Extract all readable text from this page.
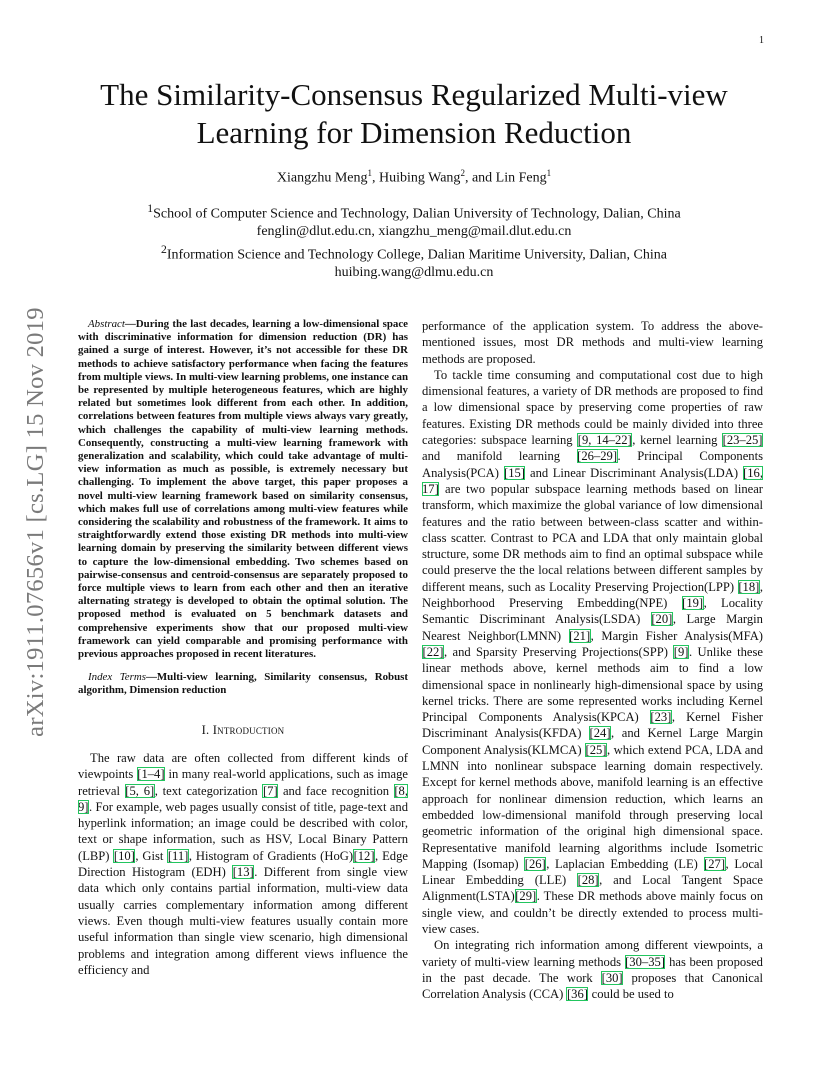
1
arXiv:1911.07656v1 [cs.LG] 15 Nov 2019
The Similarity-Consensus Regularized Multi-view
Learning for Dimension Reduction
Xiangzhu Meng$^1$, Huibing Wang$^2$, and Lin Feng$^1$
$^1$School of Computer Science and Technology, Dalian University of Technology, Dalian, China
fenglin@dlut.edu.cn, xiangzhu_meng@mail.dlut.edu.cn
$^2$Information Science and Technology College, Dalian Maritime University, Dalian, China
huibing.wang@dlmu.edu.cn

Abstract—During the last decades, learning a low-dimensional space with discriminative information for dimension reduction (DR) has gained a surge of interest. However, it’s not accessible for these DR methods to achieve satisfactory performance when facing the features from multiple views. In multi-view learning problems, one instance can be represented by multiple heterogeneous features, which are highly related but sometimes look different from each other. In addition, correlations between features from multiple views always vary greatly, which challenges the capability of multi-view learning methods. Consequently, constructing a multi-view learning framework with generalization and scalability, which could take advantage of multi-view information as much as possible, is extremely necessary but challenging. To implement the above target, this paper proposes a novel multi-view learning framework based on similarity consensus, which makes full use of correlations among multi-view features while considering the scalability and robustness of the framework. It aims to straightforwardly extend those existing DR methods into multi-view learning domain by preserving the similarity between different views to capture the low-dimensional embedding. Two schemes based on pairwise-consensus and centroid-consensus are separately proposed to force multiple views to learn from each other and then an iterative alternating strategy is developed to obtain the optimal solution. The proposed method is evaluated on 5 benchmark datasets and comprehensive experiments show that our proposed multi-view framework can yield comparable and promising performance with previous approaches proposed in recent literatures.

Index Terms—Multi-view learning, Similarity consensus, Robust algorithm, Dimension reduction

I. Introduction

The raw data are often collected from different kinds of viewpoints [1–4] in many real-world applications, such as image retrieval [5, 6], text categorization [7] and face recognition [8, 9]. For example, web pages usually consist of title, page-text and hyperlink information; an image could be described with color, text or shape information, such as HSV, Local Binary Pattern (LBP) [10], Gist [11], Histogram of Gradients (HoG)[12], Edge Direction Histogram (EDH) [13]. Different from single view data which only contains partial information, multi-view data usually carries complementary information among different views. Even though multi-view features usually contain more useful information than single view scenario, high dimensional problems and integration among different views influence the efficiency and

performance of the application system. To address the above-mentioned issues, most DR methods and multi-view learning methods are proposed.

To tackle time consuming and computational cost due to high dimensional features, a variety of DR methods are proposed to find a low dimensional space by preserving come properties of raw features. Existing DR methods could be mainly divided into three categories: subspace learning [9, 14–22], kernel learning [23–25] and manifold learning [26–29]. Principal Components Analysis(PCA) [15] and Linear Discriminant Analysis(LDA) [16, 17] are two popular subspace learning methods based on linear transform, which maximize the global variance of low dimensional features and the ratio between between-class scatter and within-class scatter. Contrast to PCA and LDA that only maintain global structure, some DR methods aim to find an optimal subspace while could preserve the the local relations between different samples by different means, such as Locality Preserving Projection(LPP) [18], Neighborhood Preserving Embedding(NPE) [19], Locality Semantic Discriminant Analysis(LSDA) [20], Large Margin Nearest Neighbor(LMNN) [21], Margin Fisher Analysis(MFA) [22], and Sparsity Preserving Projections(SPP) [9]. Unlike these linear methods above, kernel methods aim to find a low dimensional space in nonlinearly high-dimensional space by using kernel tricks. There are some represented works including Kernel Principal Components Analysis(KPCA) [23], Kernel Fisher Discriminant Analysis(KFDA) [24], and Kernel Large Margin Component Analysis(KLMCA) [25], which extend PCA, LDA and LMNN into nonlinear subspace learning domain respectively. Except for kernel methods above, manifold learning is an effective approach for nonlinear dimension reduction, which learns an embedded low-dimensional manifold through preserving local geometric information of the original high dimensional space. Representative manifold learning algorithms include Isometric Mapping (Isomap) [26], Laplacian Embedding (LE) [27], Local Linear Embedding (LLE) [28], and Local Tangent Space Alignment(LSTA)[29]. These DR methods above mainly focus on single view, and couldn’t be directly extended to process multi-view cases.

On integrating rich information among different viewpoints, a variety of multi-view learning methods [30–35] has been proposed in the past decade. The work [30] proposes that Canonical Correlation Analysis (CCA) [36] could be used to
